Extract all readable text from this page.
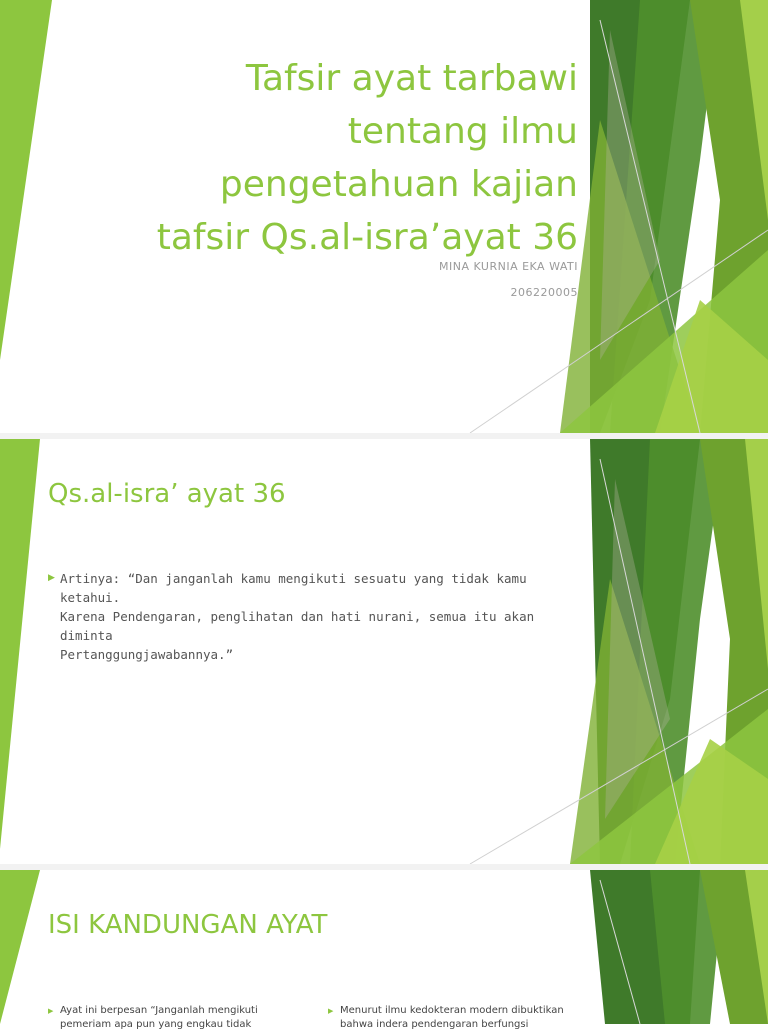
Tafsir ayat tarbawi
tentang ilmu
pengetahuan kajian
tafsir Qs.al-isra’ayat 36
MINA KURNIA EKA WATI
206220005
Qs.al-isra’ ayat 36
▶ Artinya: “Dan janganlah kamu mengikuti sesuatu yang tidak kamu ketahui.
Karena Pendengaran, penglihatan dan hati nurani, semua itu akan diminta
Pertanggungjawabannya.”
ISI KANDUNGAN AYAT
▶ Ayat ini berpesan “Janganlah mengikuti
pemeriam apa pun yang engkau tidak
▶ Menurut ilmu kedokteran modern dibuktikan
bahwa indera pendengaran berfungsi
